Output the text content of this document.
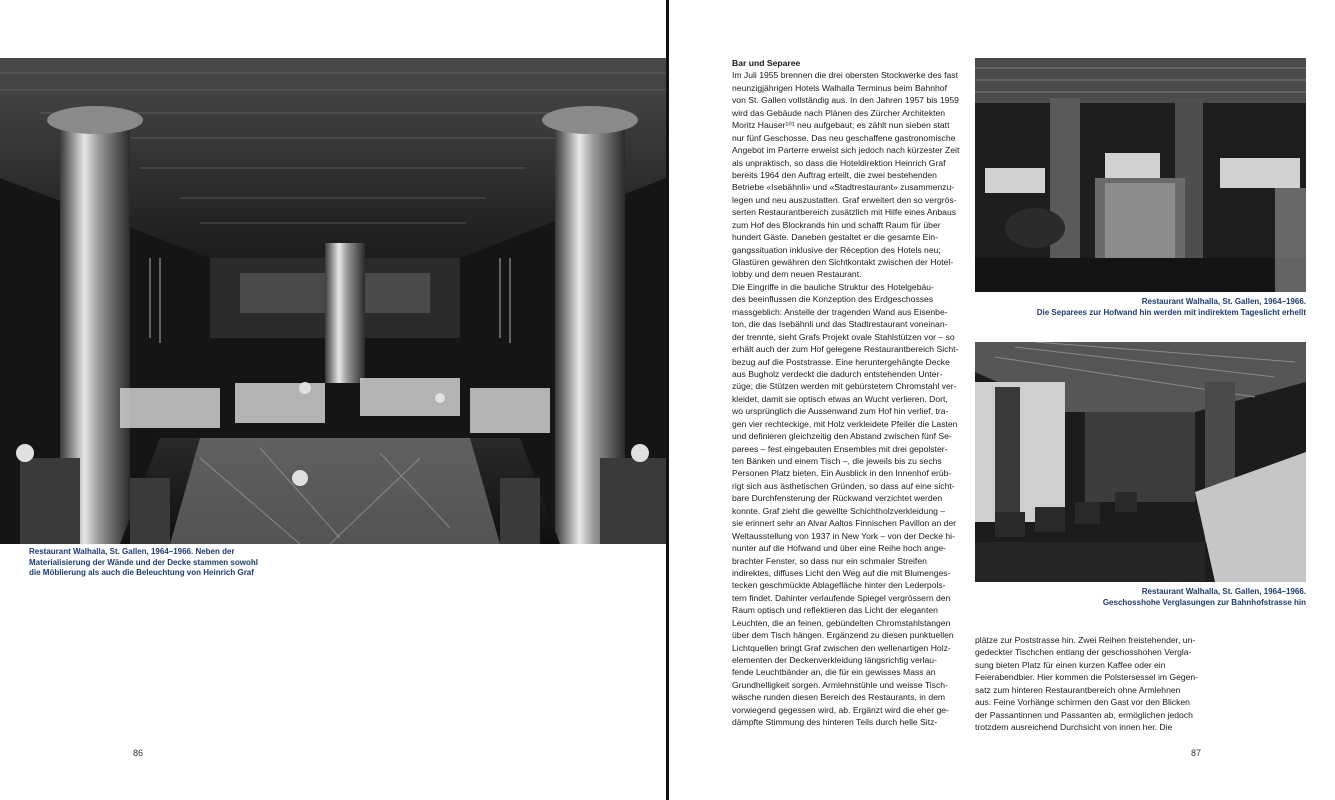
Restaurant Walhalla, St. Gallen, 1964–1966. Neben der
Materialisierung der Wände und der Decke stammen sowohl
die Möblierung als auch die Beleuchtung von Heinrich Graf
86
Bar und Separee
Im Juli 1955 brennen die drei obersten Stockwerke des fast
neunzigjährigen Hotels Walhalla Terminus beim Bahnhof
von St. Gallen vollständig aus. In den Jahren 1957 bis 1959
wird das Gebäude nach Plänen des Zürcher Architekten
Moritz Hauser¹⁰¹ neu aufgebaut; es zählt nun sieben statt
nur fünf Geschosse. Das neu geschaffene gastronomische
Angebot im Parterre erweist sich jedoch nach kürzester Zeit
als unpraktisch, so dass die Hoteldirektion Heinrich Graf
bereits 1964 den Auftrag erteilt, die zwei bestehenden
Betriebe «Isebähnli» und «Stadtrestaurant» zusammenzu-
legen und neu auszustatten. Graf erweitert den so vergrös-
serten Restaurantbereich zusätzlich mit Hilfe eines Anbaus
zum Hof des Blockrands hin und schafft Raum für über
hundert Gäste. Daneben gestaltet er die gesamte Ein-
gangssituation inklusive der Réception des Hotels neu;
Glastüren gewähren den Sichtkontakt zwischen der Hotel-
lobby und dem neuen Restaurant.
Die Eingriffe in die bauliche Struktur des Hotelgebäu-
des beeinflussen die Konzeption des Erdgeschosses
massgeblich: Anstelle der tragenden Wand aus Eisenbe-
ton, die das Isebähnli und das Stadtrestaurant voneinan-
der trennte, sieht Grafs Projekt ovale Stahlstützen vor – so
erhält auch der zum Hof gelegene Restaurantbereich Sicht-
bezug auf die Poststrasse. Eine heruntergehängte Decke
aus Bugholz verdeckt die dadurch entstehenden Unter-
züge; die Stützen werden mit gebürstetem Chromstahl ver-
kleidet, damit sie optisch etwas an Wucht verlieren. Dort,
wo ursprünglich die Aussenwand zum Hof hin verlief, tra-
gen vier rechteckige, mit Holz verkleidete Pfeiler die Lasten
und definieren gleichzeitig den Abstand zwischen fünf Se-
parees – fest eingebauten Ensembles mit drei gepolster-
ten Bänken und einem Tisch –, die jeweils bis zu sechs
Personen Platz bieten. Ein Ausblick in den Innenhof erüb-
rigt sich aus ästhetischen Gründen, so dass auf eine sicht-
bare Durchfensterung der Rückwand verzichtet werden
konnte. Graf zieht die gewellte Schichtholzverkleidung –
sie erinnert sehr an Alvar Aaltos Finnischen Pavillon an der
Weltausstellung von 1937 in New York – von der Decke hi-
nunter auf die Hofwand und über eine Reihe hoch ange-
brachter Fenster, so dass nur ein schmaler Streifen
indirektes, diffuses Licht den Weg auf die mit Blumenges-
tecken geschmückte Ablagefläche hinter den Lederpols-
tern findet. Dahinter verlaufende Spiegel vergrössern den
Raum optisch und reflektieren das Licht der eleganten
Leuchten, die an feinen, gebündelten Chromstahlstangen
über dem Tisch hängen. Ergänzend zu diesen punktuellen
Lichtquellen bringt Graf zwischen den wellenartigen Holz-
elementen der Deckenverkleidung längsrichtig verlau-
fende Leuchtbänder an, die für ein gewisses Mass an
Grundhelligkeit sorgen. Armlehnstühle und weisse Tisch-
wäsche runden diesen Bereich des Restaurants, in dem
vorwiegend gegessen wird, ab. Ergänzt wird die eher ge-
dämpfte Stimmung des hinteren Teils durch helle Sitz-
Restaurant Walhalla, St. Gallen, 1964–1966.
Die Separees zur Hofwand hin werden mit indirektem Tageslicht erhellt
Restaurant Walhalla, St. Gallen, 1964–1966.
Geschosshohe Verglasungen zur Bahnhofstrasse hin
plätze zur Poststrasse hin. Zwei Reihen freistehender, un-
gedeckter Tischchen entlang der geschosshohen Vergla-
sung bieten Platz für einen kurzen Kaffee oder ein
Feierabendbier. Hier kommen die Polstersessel im Gegen-
satz zum hinteren Restaurantbereich ohne Armlehnen
aus. Feine Vorhänge schirmen den Gast vor den Blicken
der Passantinnen und Passanten ab, ermöglichen jedoch
trotzdem ausreichend Durchsicht von innen her. Die
87
